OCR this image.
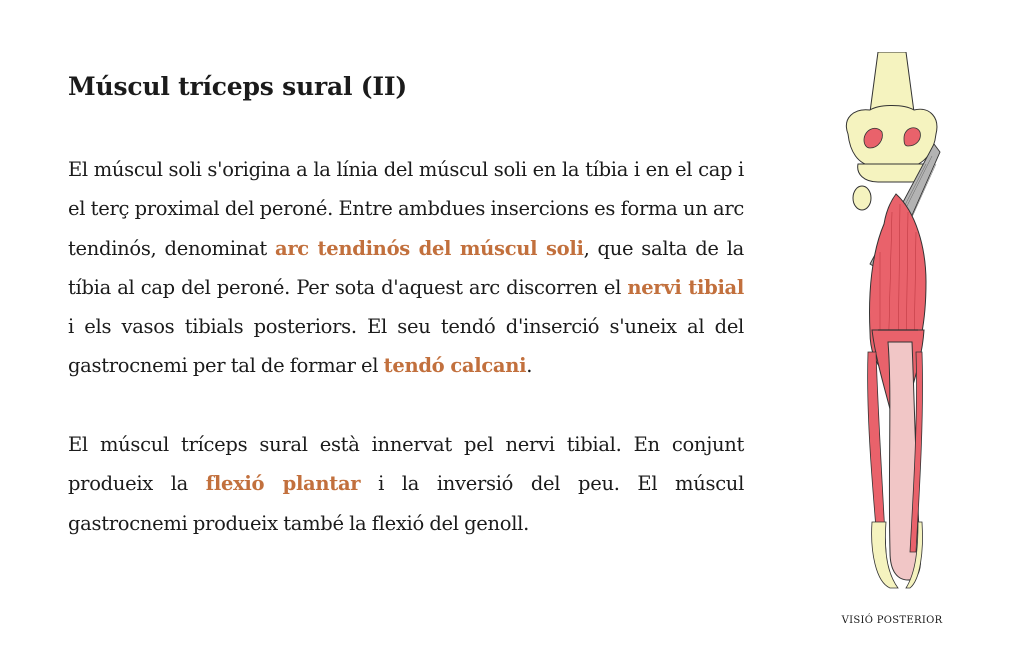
Múscul tríceps sural (II)

El múscul soli s'origina a la línia del múscul soli en la tíbia i en el cap i el terç proximal del peroné. Entre ambdues insercions es forma un arc tendinós, denominat arc tendinós del múscul soli, que salta de la tíbia al cap del peroné. Per sota d'aquest arc discorren el nervi tibial i els vasos tibials posteriors. El seu tendó d'inserció s'uneix al del gastrocnemi per tal de formar el tendó calcani.

El múscul tríceps sural està innervat pel nervi tibial. En conjunt produeix la flexió plantar i la inversió del peu. El múscul gastrocnemi produeix també la flexió del genoll.

VISIÓ POSTERIOR
